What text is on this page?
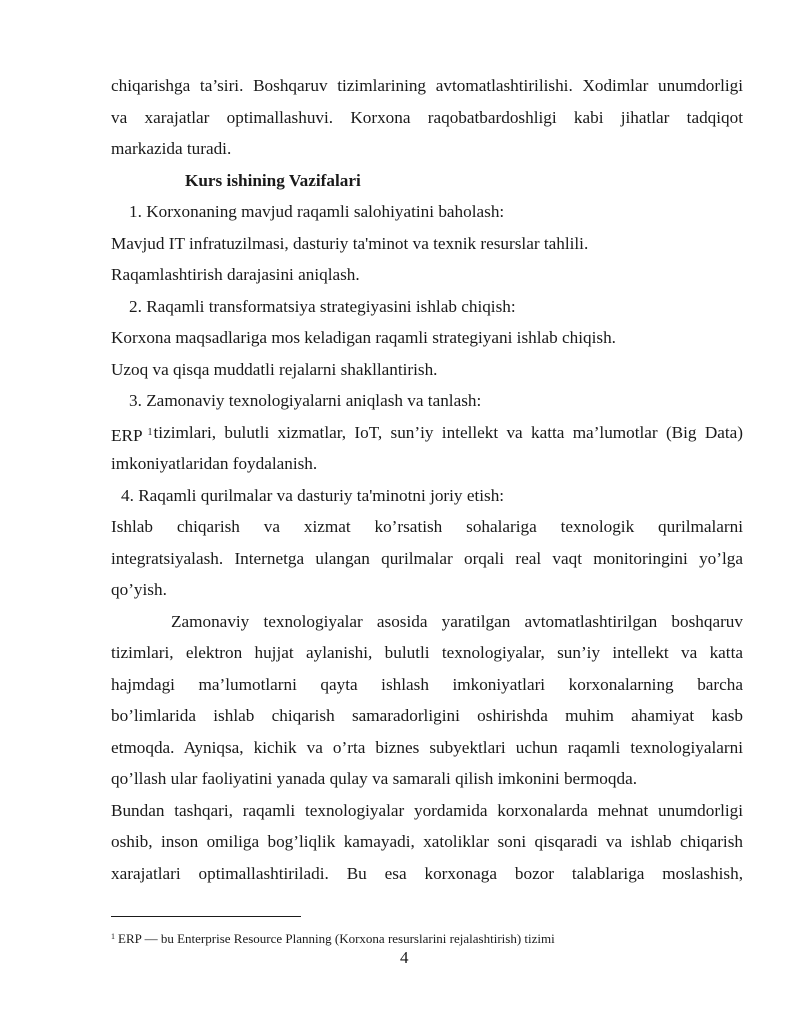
chiqarishga ta’siri. Boshqaruv tizimlarining avtomatlashtirilishi. Xodimlar unumdorligi
va xarajatlar optimallashuvi. Korxona raqobatbardoshligi kabi jihatlar tadqiqot
markazida turadi.
Kurs ishining Vazifalari
1. Korxonaning mavjud raqamli salohiyatini baholash:
Mavjud IT infratuzilmasi, dasturiy ta'minot va texnik resurslar tahlili.
Raqamlashtirish darajasini aniqlash.
2. Raqamli transformatsiya strategiyasini ishlab chiqish:
Korxona maqsadlariga mos keladigan raqamli strategiyani ishlab chiqish.
Uzoq va qisqa muddatli rejalarni shakllantirish.
3. Zamonaviy texnologiyalarni aniqlash va tanlash:
ERP $^1$ tizimlari, bulutli xizmatlar, IoT, sun’iy intellekt va katta ma’lumotlar (Big Data)
imkoniyatlaridan foydalanish.
4. Raqamli qurilmalar va dasturiy ta'minotni joriy etish:
Ishlab chiqarish va xizmat ko’rsatish sohalariga texnologik qurilmalarni
integratsiyalash. Internetga ulangan qurilmalar orqali real vaqt monitoringini yo’lga
qo’yish.
Zamonaviy texnologiyalar asosida yaratilgan avtomatlashtirilgan boshqaruv
tizimlari, elektron hujjat aylanishi, bulutli texnologiyalar, sun’iy intellekt va katta
hajmdagi ma’lumotlarni qayta ishlash imkoniyatlari korxonalarning barcha
bo’limlarida ishlab chiqarish samaradorligini oshirishda muhim ahamiyat kasb
etmoqda. Ayniqsa, kichik va o’rta biznes subyektlari uchun raqamli texnologiyalarni
qo’llash ular faoliyatini yanada qulay va samarali qilish imkonini bermoqda.
Bundan tashqari, raqamli texnologiyalar yordamida korxonalarda mehnat unumdorligi
oshib, inson omiliga bog’liqlik kamayadi, xatoliklar soni qisqaradi va ishlab chiqarish
xarajatlari optimallashtiriladi. Bu esa korxonaga bozor talablariga moslashish,
$^1$ ERP — bu Enterprise Resource Planning (Korxona resurslarini rejalashtirish) tizimi
4
